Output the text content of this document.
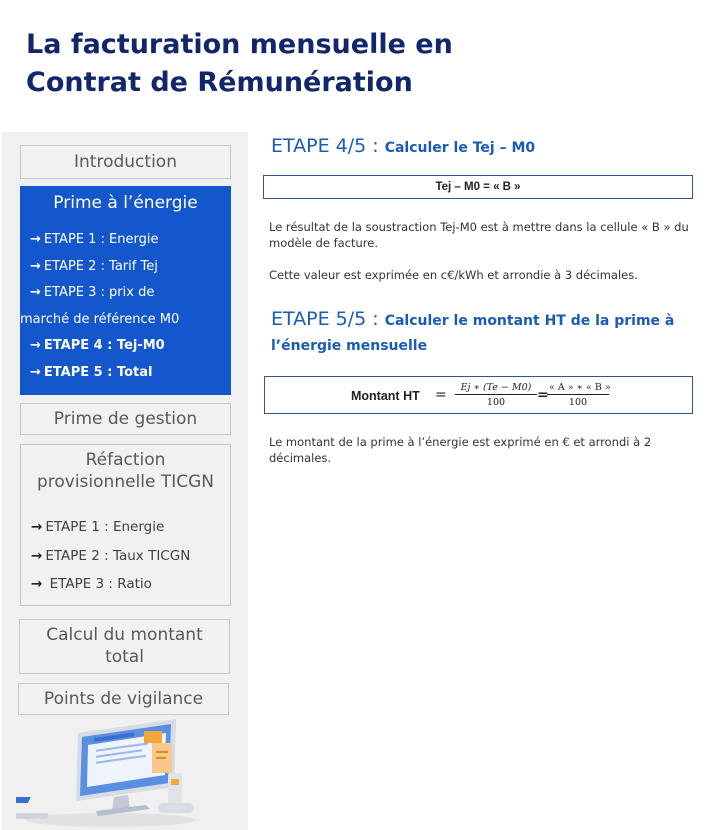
La facturation mensuelle en
Contrat de Rémunération
Introduction
Prime à l’énergie
→ ETAPE 1 : Energie
→ ETAPE 2 : Tarif Tej
→ ETAPE 3 : prix de
marché de référence M0
→ ETAPE 4 : Tej-M0
→ ETAPE 5 : Total
Prime de gestion
Réfaction
provisionnelle TICGN
→ ETAPE 1 : Energie
→ ETAPE 2 : Taux TICGN
→ ETAPE 3 : Ratio
Calcul du montant
total
Points de vigilance
ETAPE 4/5 : Calculer le Tej – M0
Tej – M0 = « B »
Le résultat de la soustraction Tej-M0 est à mettre dans la cellule « B » du modèle de facture.
Cette valeur est exprimée en c€/kWh et arrondie à 3 décimales.
ETAPE 5/5 : Calculer le montant HT de la prime à l’énergie mensuelle
Montant HT = $\frac{Ej ∗ (Te - M0)}{100}$ =
$\frac{« A » ∗ « B »}{100}$
Le montant de la prime à l’énergie est exprimé en € et arrondi à 2 décimales.
